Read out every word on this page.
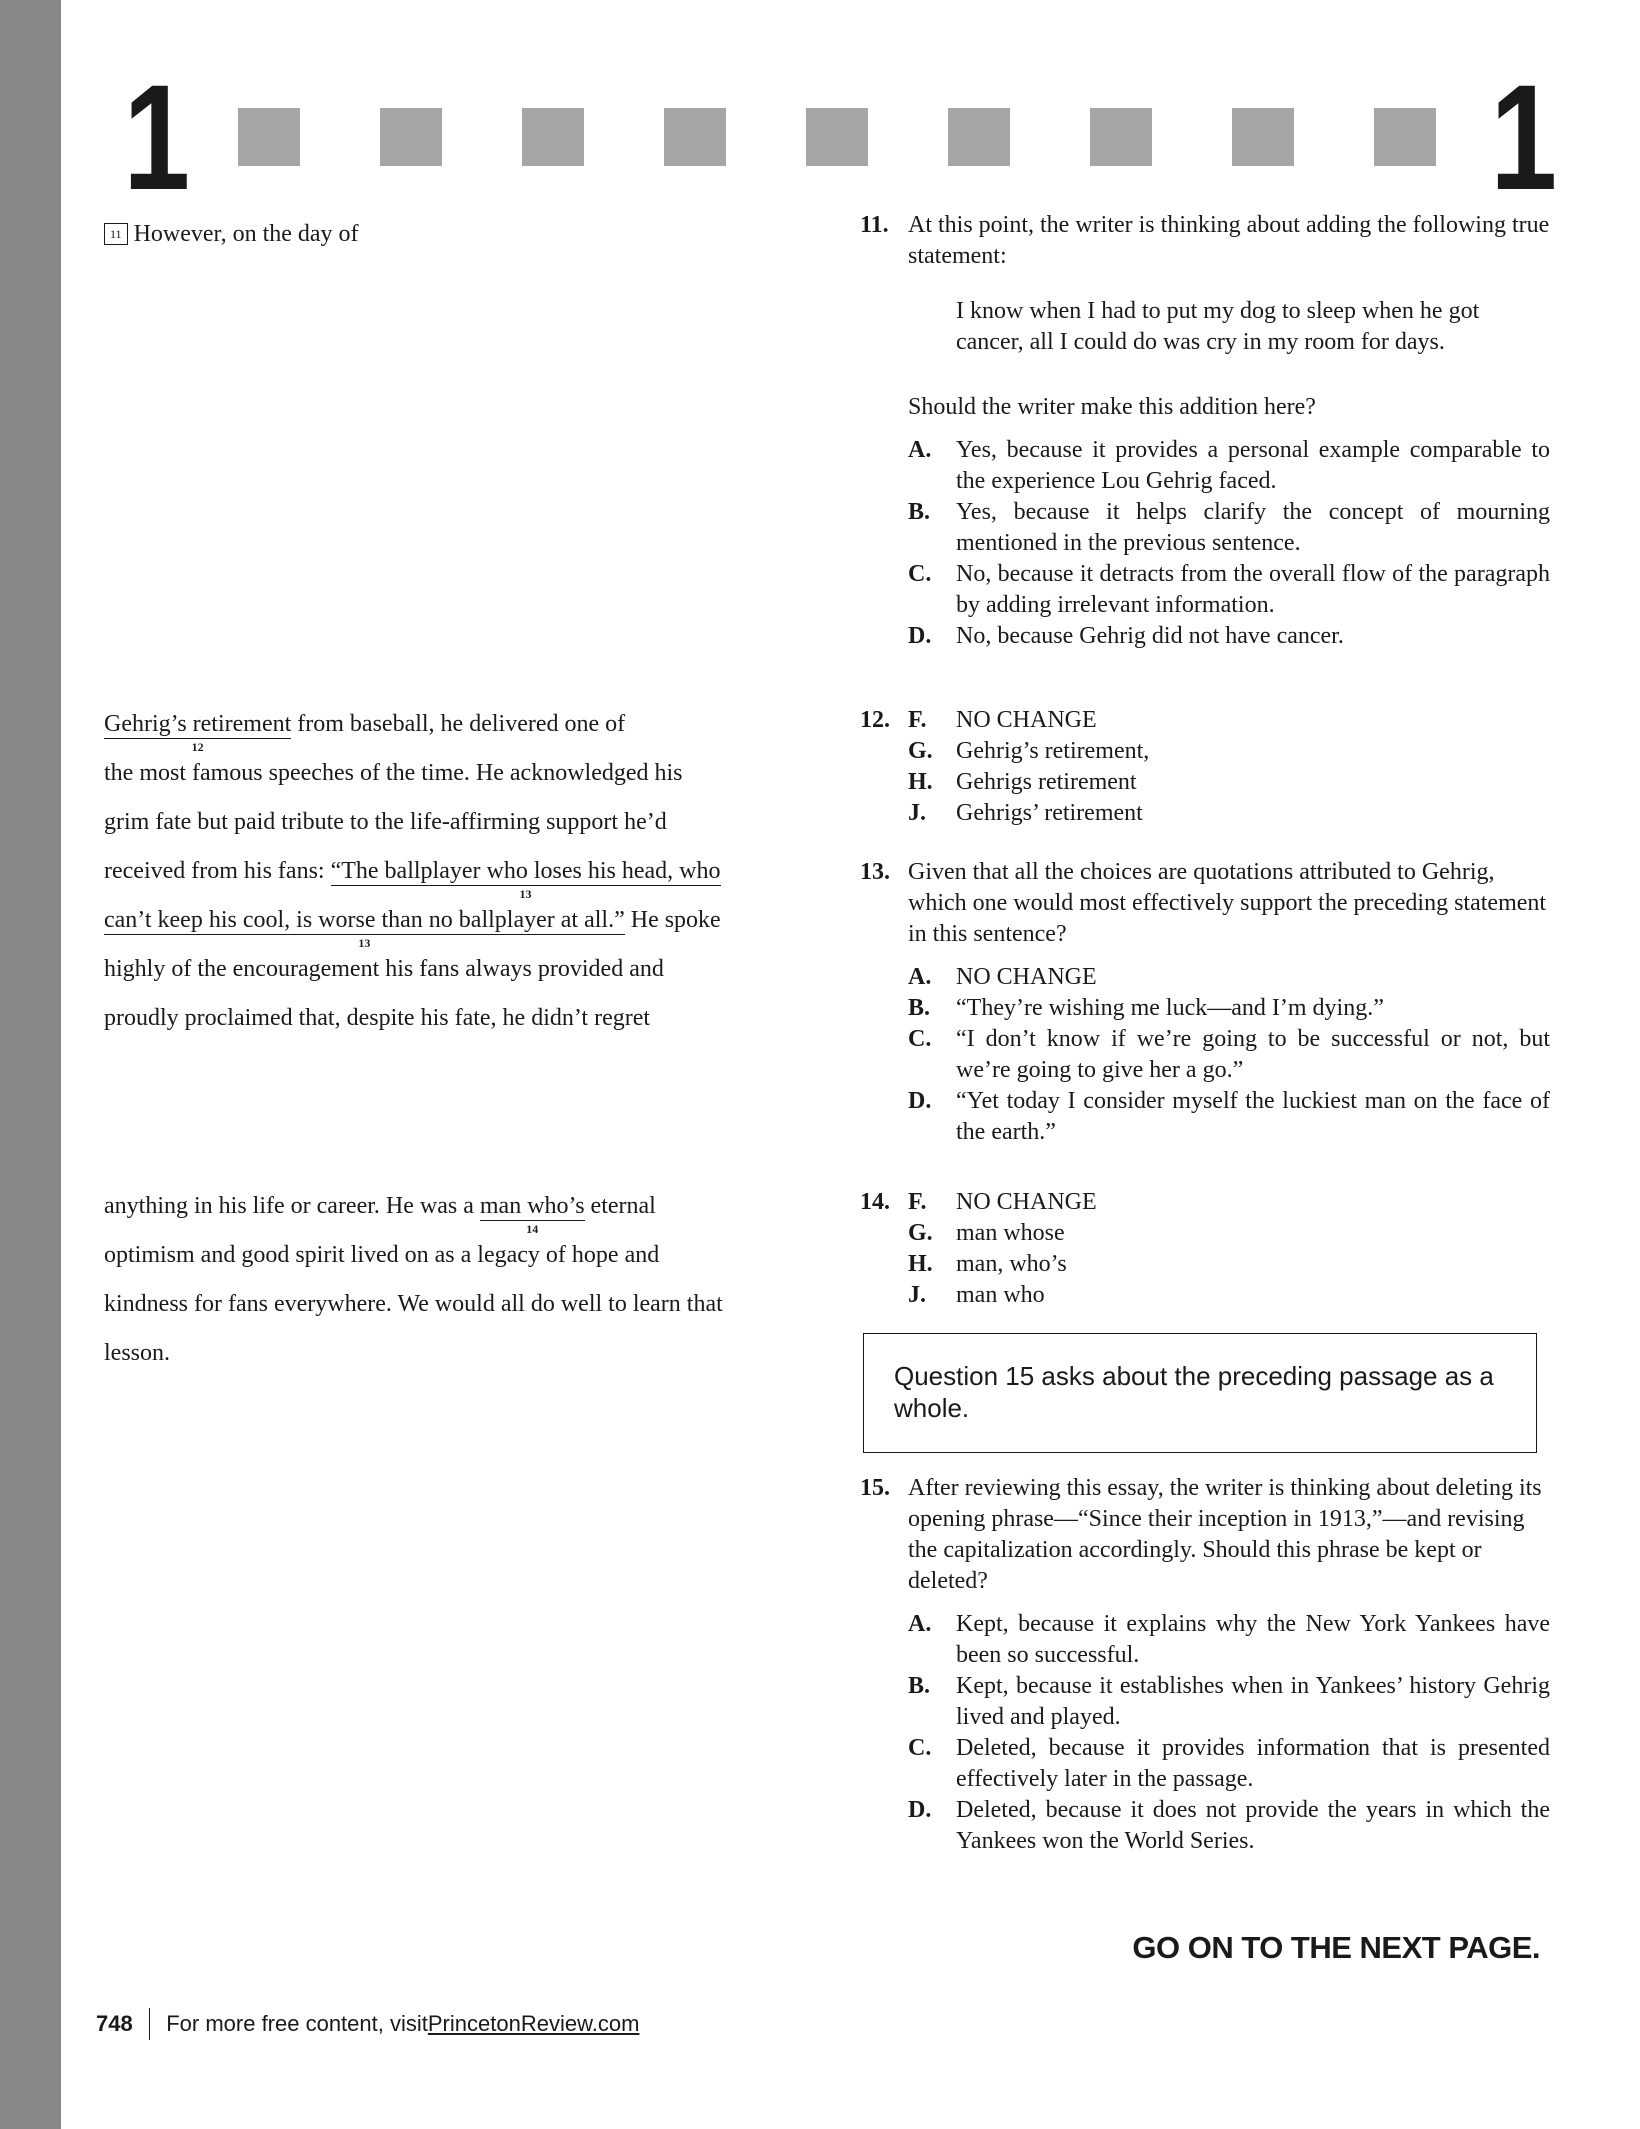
1	1
11 However, on the day of
Gehrig’s retirement
12
from baseball, he delivered one of
the most famous speeches of the time. He acknowledged his
grim fate but paid tribute to the life-affirming support he’d
received from his fans: “The ballplayer who loses his head, who
13
can’t keep his cool, is worse than no ballplayer at all.”
13
He spoke
highly of the encouragement his fans always provided and
proudly proclaimed that, despite his fate, he didn’t regret
anything in his life or career. He was a man who’s
14
eternal
optimism and good spirit lived on as a legacy of hope and
kindness for fans everywhere. We would all do well to learn that
lesson.
11. At this point, the writer is thinking about adding the following true statement:
I know when I had to put my dog to sleep when he got cancer, all I could do was cry in my room for days.
Should the writer make this addition here?
A. Yes, because it provides a personal example comparable to the experience Lou Gehrig faced.
B. Yes, because it helps clarify the concept of mourning mentioned in the previous sentence.
C. No, because it detracts from the overall flow of the paragraph by adding irrelevant information.
D. No, because Gehrig did not have cancer.
12. F. NO CHANGE
G. Gehrig’s retirement,
H. Gehrigs retirement
J. Gehrigs’ retirement
13. Given that all the choices are quotations attributed to Gehrig, which one would most effectively support the preceding statement in this sentence?
A. NO CHANGE
B. “They’re wishing me luck—and I’m dying.”
C. “I don’t know if we’re going to be successful or not, but we’re going to give her a go.”
D. “Yet today I consider myself the luckiest man on the face of the earth.”
14. F. NO CHANGE
G. man whose
H. man, who’s
J. man who
Question 15 asks about the preceding passage as a whole.
15. After reviewing this essay, the writer is thinking about deleting its opening phrase—“Since their inception in 1913,”—and revising the capitalization accordingly. Should this phrase be kept or deleted?
A. Kept, because it explains why the New York Yankees have been so successful.
B. Kept, because it establishes when in Yankees’ history Gehrig lived and played.
C. Deleted, because it provides information that is presented effectively later in the passage.
D. Deleted, because it does not provide the years in which the Yankees won the World Series.
GO ON TO THE NEXT PAGE.
748 For more free content, visit PrincetonReview.com
